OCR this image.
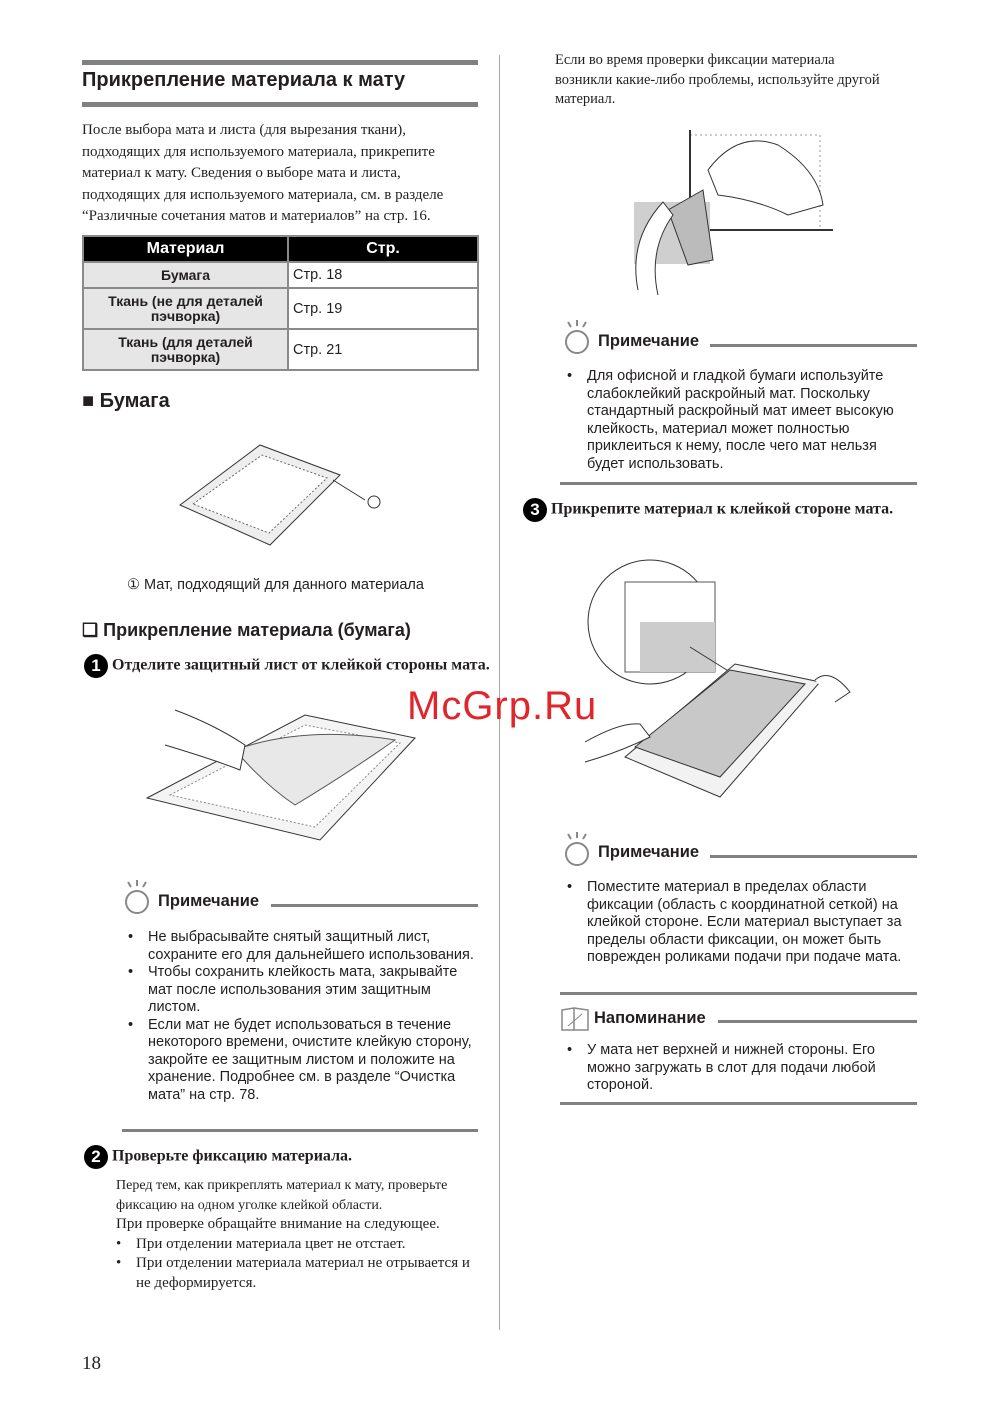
Прикрепление материала к мату
После выбора мата и листа (для вырезания ткани), подходящих для используемого материала, прикрепите материал к мату. Сведения о выборе мата и листа, подходящих для используемого материала, см. в разделе “Различные сочетания матов и материалов” на стр. 16.
Материал	Стр.
Бумага	Стр. 18
Ткань (не для деталей пэчворка)	Стр. 19
Ткань (для деталей пэчворка)	Стр. 21
■ Бумага
① Мат, подходящий для данного материала
❑ Прикрепление материала (бумага)
1 Отделите защитный лист от клейкой стороны мата.
Примечание
• Не выбрасывайте снятый защитный лист, сохраните его для дальнейшего использования.
• Чтобы сохранить клейкость мата, закрывайте мат после использования этим защитным листом.
• Если мат не будет использоваться в течение некоторого времени, очистите клейкую сторону, закройте ее защитным листом и положите на хранение. Подробнее см. в разделе “Очистка мата” на стр. 78.
2 Проверьте фиксацию материала.
Перед тем, как прикреплять материал к мату, проверьте фиксацию на одном уголке клейкой области.
При проверке обращайте внимание на следующее.
• При отделении материала цвет не отстает.
• При отделении материала материал не отрывается и не деформируется.
18
Если во время проверки фиксации материала возникли какие-либо проблемы, используйте другой материал.
Примечание
• Для офисной и гладкой бумаги используйте слабоклейкий раскройный мат. Поскольку стандартный раскройный мат имеет высокую клейкость, материал может полностью приклеиться к нему, после чего мат нельзя будет использовать.
3 Прикрепите материал к клейкой стороне мата.
Примечание
• Поместите материал в пределах области фиксации (область с координатной сеткой) на клейкой стороне. Если материал выступает за пределы области фиксации, он может быть поврежден роликами подачи при подаче мата.
Напоминание
• У мата нет верхней и нижней стороны. Его можно загружать в слот для подачи любой стороной.
McGrp.Ru
